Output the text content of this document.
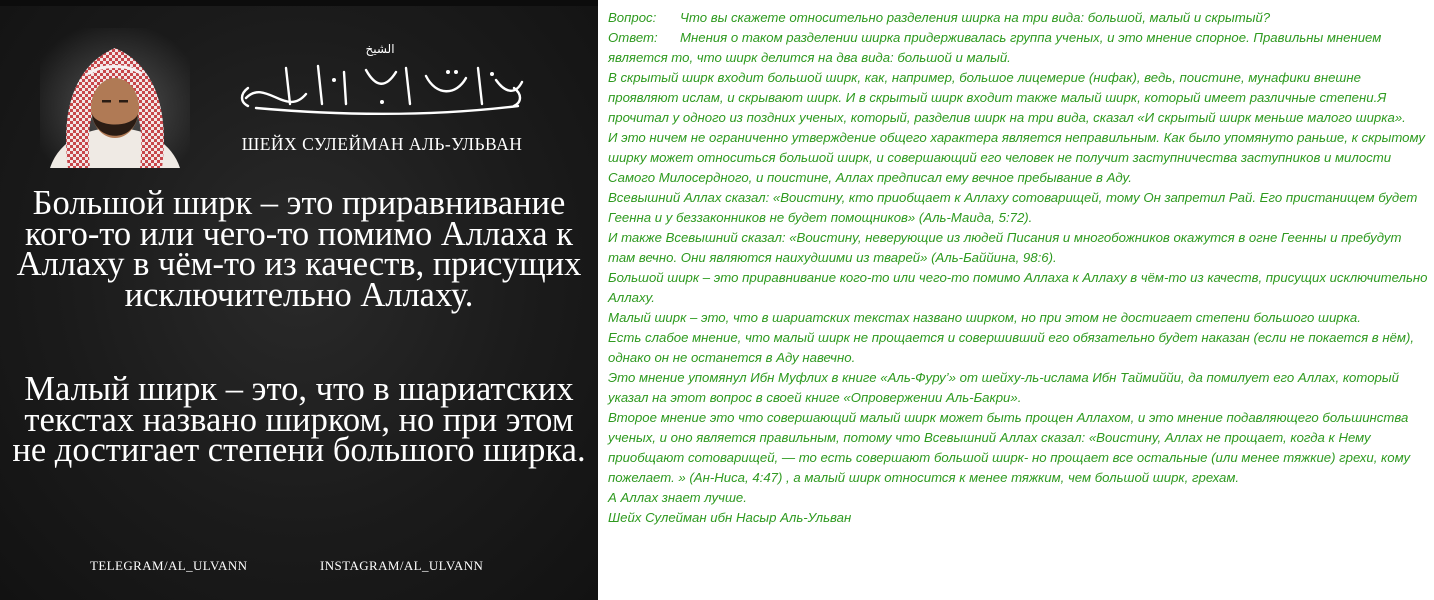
الشيخ
ШЕЙХ СУЛЕЙМАН АЛЬ-УЛЬВАН
Большой ширк – это приравнивание кого-то или чего-то помимо Аллаха к Аллаху в чём-то из качеств, присущих исключительно Аллаху.
Малый ширк – это, что в шариатских текстах названо ширком, но при этом не достигает степени большого ширка.
TELEGRAM/AL_ULVANN	INSTAGRAM/AL_ULVANN
Вопрос: Что вы скажете относительно разделения ширка на три вида: большой, малый и скрытый?
Ответ: Мнения о таком разделении ширка придерживалась группа ученых, и это мнение спорное. Правильны мнением является то, что ширк делится на два вида: большой и малый.
В скрытый ширк входит большой ширк, как, например, большое лицемерие (нифак), ведь, поистине, мунафики внешне проявляют ислам, и скрывают ширк. И в скрытый ширк входит также малый ширк, который имеет различные степени.Я прочитал у одного из поздних ученых, который, разделив ширк на три вида, сказал «И скрытый ширк меньше малого ширка».
И это ничем не ограниченно утверждение общего характера является неправильным. Как было упомянуто раньше, к скрытому ширку может относиться большой ширк, и совершающий его человек не получит заступничества заступников и милости Самого Милосердного, и поистине, Аллах предписал ему вечное пребывание в Аду.
Всевышний Аллах сказал: «Воистину, кто приобщает к Аллаху сотоварищей, тому Он запретил Рай. Его пристанищем будет Геенна и у беззаконников не будет помощников» (Аль-Маида, 5:72).
И также Всевышний сказал: «Воистину, неверующие из людей Писания и многобожников окажутся в огне Геенны и пребудут там вечно. Они являются наихудшими из тварей» (Аль-Баййина, 98:6).
Большой ширк – это приравнивание кого-то или чего-то помимо Аллаха к Аллаху в чём-то из качеств, присущих исключительно Аллаху.
Малый ширк – это, что в шариатских текстах названо ширком, но при этом не достигает степени большого ширка.
Есть слабое мнение, что малый ширк не прощается и совершивший его обязательно будет наказан (если не покается в нём), однако он не останется в Аду навечно.
Это мнение упомянул Ибн Муфлих в книге «Аль-Фуру’» от шейху-ль-ислама Ибн Таймиййи, да помилует его Аллах, который указал на этот вопрос в своей книге «Опровержении Аль-Бакри».
Второе мнение это что совершающий малый ширк может быть прощен Аллахом, и это мнение подавляющего большинства ученых, и оно является правильным, потому что Всевышний Аллах сказал: «Воистину, Аллах не прощает, когда к Нему приобщают сотоварищей, — то есть совершают большой ширк- но прощает все остальные (или менее тяжкие) грехи, кому пожелает. » (Ан-Ниса, 4:47) , а малый ширк относится к менее тяжким, чем большой ширк, грехам.
А Аллах знает лучше.
Шейх Сулейман ибн Насыр Аль-Ульван
